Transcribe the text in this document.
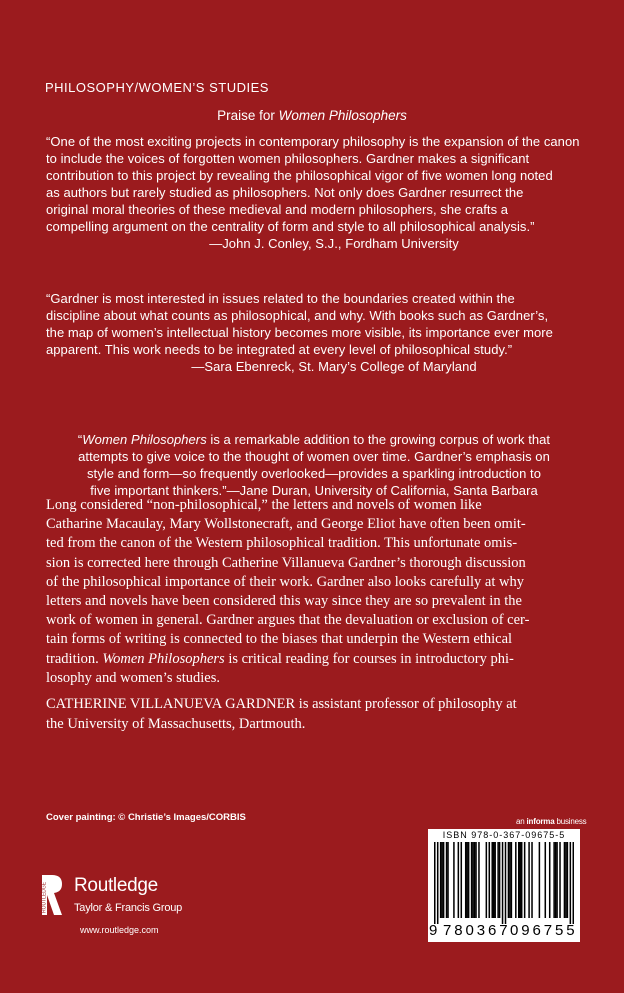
PHILOSOPHY/WOMEN’S STUDIES
Praise for Women Philosophers
“One of the most exciting projects in contemporary philosophy is the expansion of the canon
to include the voices of forgotten women philosophers. Gardner makes a significant
contribution to this project by revealing the philosophical vigor of five women long noted
as authors but rarely studied as philosophers. Not only does Gardner resurrect the
original moral theories of these medieval and modern philosophers, she crafts a
compelling argument on the centrality of form and style to all philosophical analysis.”
—John J. Conley, S.J., Fordham University
“Gardner is most interested in issues related to the boundaries created within the
discipline about what counts as philosophical, and why. With books such as Gardner’s,
the map of women’s intellectual history becomes more visible, its importance ever more
apparent. This work needs to be integrated at every level of philosophical study.”
—Sara Ebenreck, St. Mary’s College of Maryland
“Women Philosophers is a remarkable addition to the growing corpus of work that
attempts to give voice to the thought of women over time. Gardner’s emphasis on
style and form—so frequently overlooked—provides a sparkling introduction to
five important thinkers.”—Jane Duran, University of California, Santa Barbara
Long considered “non-philosophical,” the letters and novels of women like
Catharine Macaulay, Mary Wollstonecraft, and George Eliot have often been omit-
ted from the canon of the Western philosophical tradition. This unfortunate omis-
sion is corrected here through Catherine Villanueva Gardner’s thorough discussion
of the philosophical importance of their work. Gardner also looks carefully at why
letters and novels have been considered this way since they are so prevalent in the
work of women in general. Gardner argues that the devaluation or exclusion of cer-
tain forms of writing is connected to the biases that underpin the Western ethical
tradition. Women Philosophers is critical reading for courses in introductory phi-
losophy and women’s studies.
CATHERINE VILLANUEVA GARDNER is assistant professor of philosophy at
the University of Massachusetts, Dartmouth.
Cover painting: © Christie’s Images/CORBIS
ROUTLEDGE Routledge
Taylor & Francis Group
www.routledge.com
an informa business
ISBN 978-0-367-09675-5
9 780367 096755
